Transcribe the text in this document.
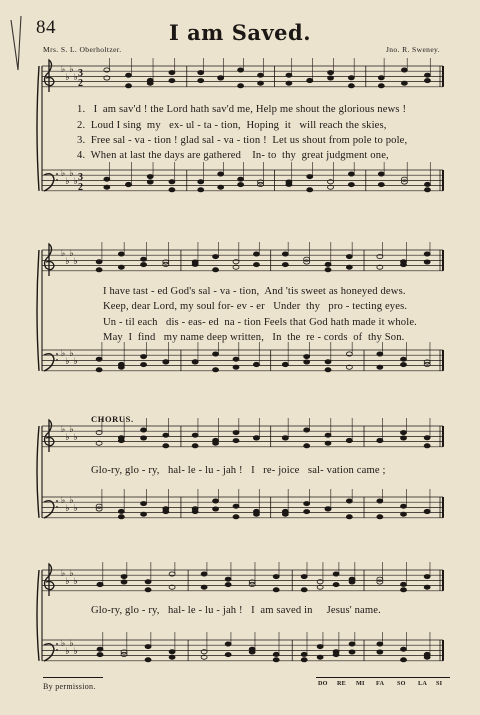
84	I am Saved.
Mrs. S. L. Oberholtzer.	Jno. R. Sweney.
♭
♭
♭
♭
♭
♭
♭
♭
3
2
3
2
♭
♭
♭
♭
♭
♭
♭
♭
♭
♭
♭
♭
♭
♭
♭
♭
♭
♭
♭
♭
♭
♭
♭
♭
1.   I  am sav'd ! the Lord hath sav'd me, Help me shout the glorious news !
2.  Loud I sing  my   ex- ul - ta - tion,  Hoping  it   will reach the skies,
3.  Free sal - va - tion ! glad sal - va - tion !  Let us shout from pole to pole,
4.  When at last the days are gathered    In- to  thy  great judgment one,
I have tast - ed God's sal - va - tion,  And 'tis sweet as honeyed dews.
Keep, dear Lord, my soul for- ev - er   Under  thy   pro - tecting eyes.
Un - til each   dis - eas- ed  na - tion Feels that God hath made it whole.
May  I  find   my name deep written,   In  the  re - cords  of  thy Son.
CHORUS.
Glo-ry, glo - ry,   hal- le - lu - jah !   I   re- joice   sal- vation came ;
Glo-ry, glo - ry,   hal- le - lu - jah !   I  am saved in     Jesus' name.
By permission.	DO RE MI FA SO LA SI
